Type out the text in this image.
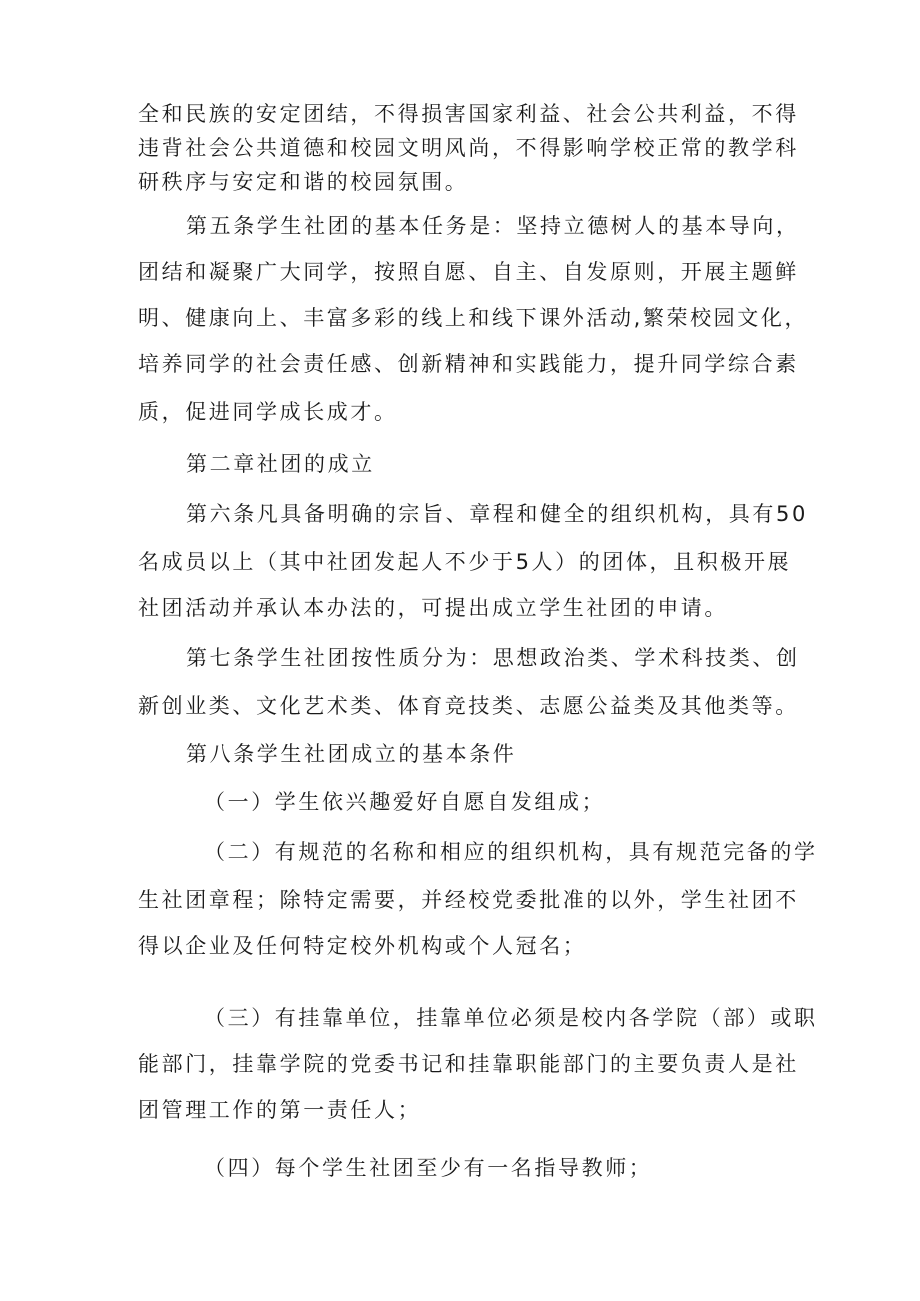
全和民族的安定团结，不得损害国家利益、社会公共利益，不得

违背社会公共道德和校园文明风尚，不得影响学校正常的教学科

研秩序与安定和谐的校园氛围。

第五条学生社团的基本任务是：坚持立德树人的基本导向，

团结和凝聚广大同学，按照自愿、自主、自发原则，开展主题鲜

明、健康向上、丰富多彩的线上和线下课外活动,繁荣校园文化，

培养同学的社会责任感、创新精神和实践能力，提升同学综合素

质，促进同学成长成才。

第二章社团的成立

第六条凡具备明确的宗旨、章程和健全的组织机构，具有50

名成员以上（其中社团发起人不少于5人）的团体，且积极开展

社团活动并承认本办法的，可提出成立学生社团的申请。

第七条学生社团按性质分为：思想政治类、学术科技类、创

新创业类、文化艺术类、体育竞技类、志愿公益类及其他类等。

第八条学生社团成立的基本条件

（一）学生依兴趣爱好自愿自发组成；

（二）有规范的名称和相应的组织机构，具有规范完备的学

生社团章程；除特定需要，并经校党委批准的以外，学生社团不

得以企业及任何特定校外机构或个人冠名；

（三）有挂靠单位，挂靠单位必须是校内各学院（部）或职

能部门，挂靠学院的党委书记和挂靠职能部门的主要负责人是社

团管理工作的第一责任人；

（四）每个学生社团至少有一名指导教师；
